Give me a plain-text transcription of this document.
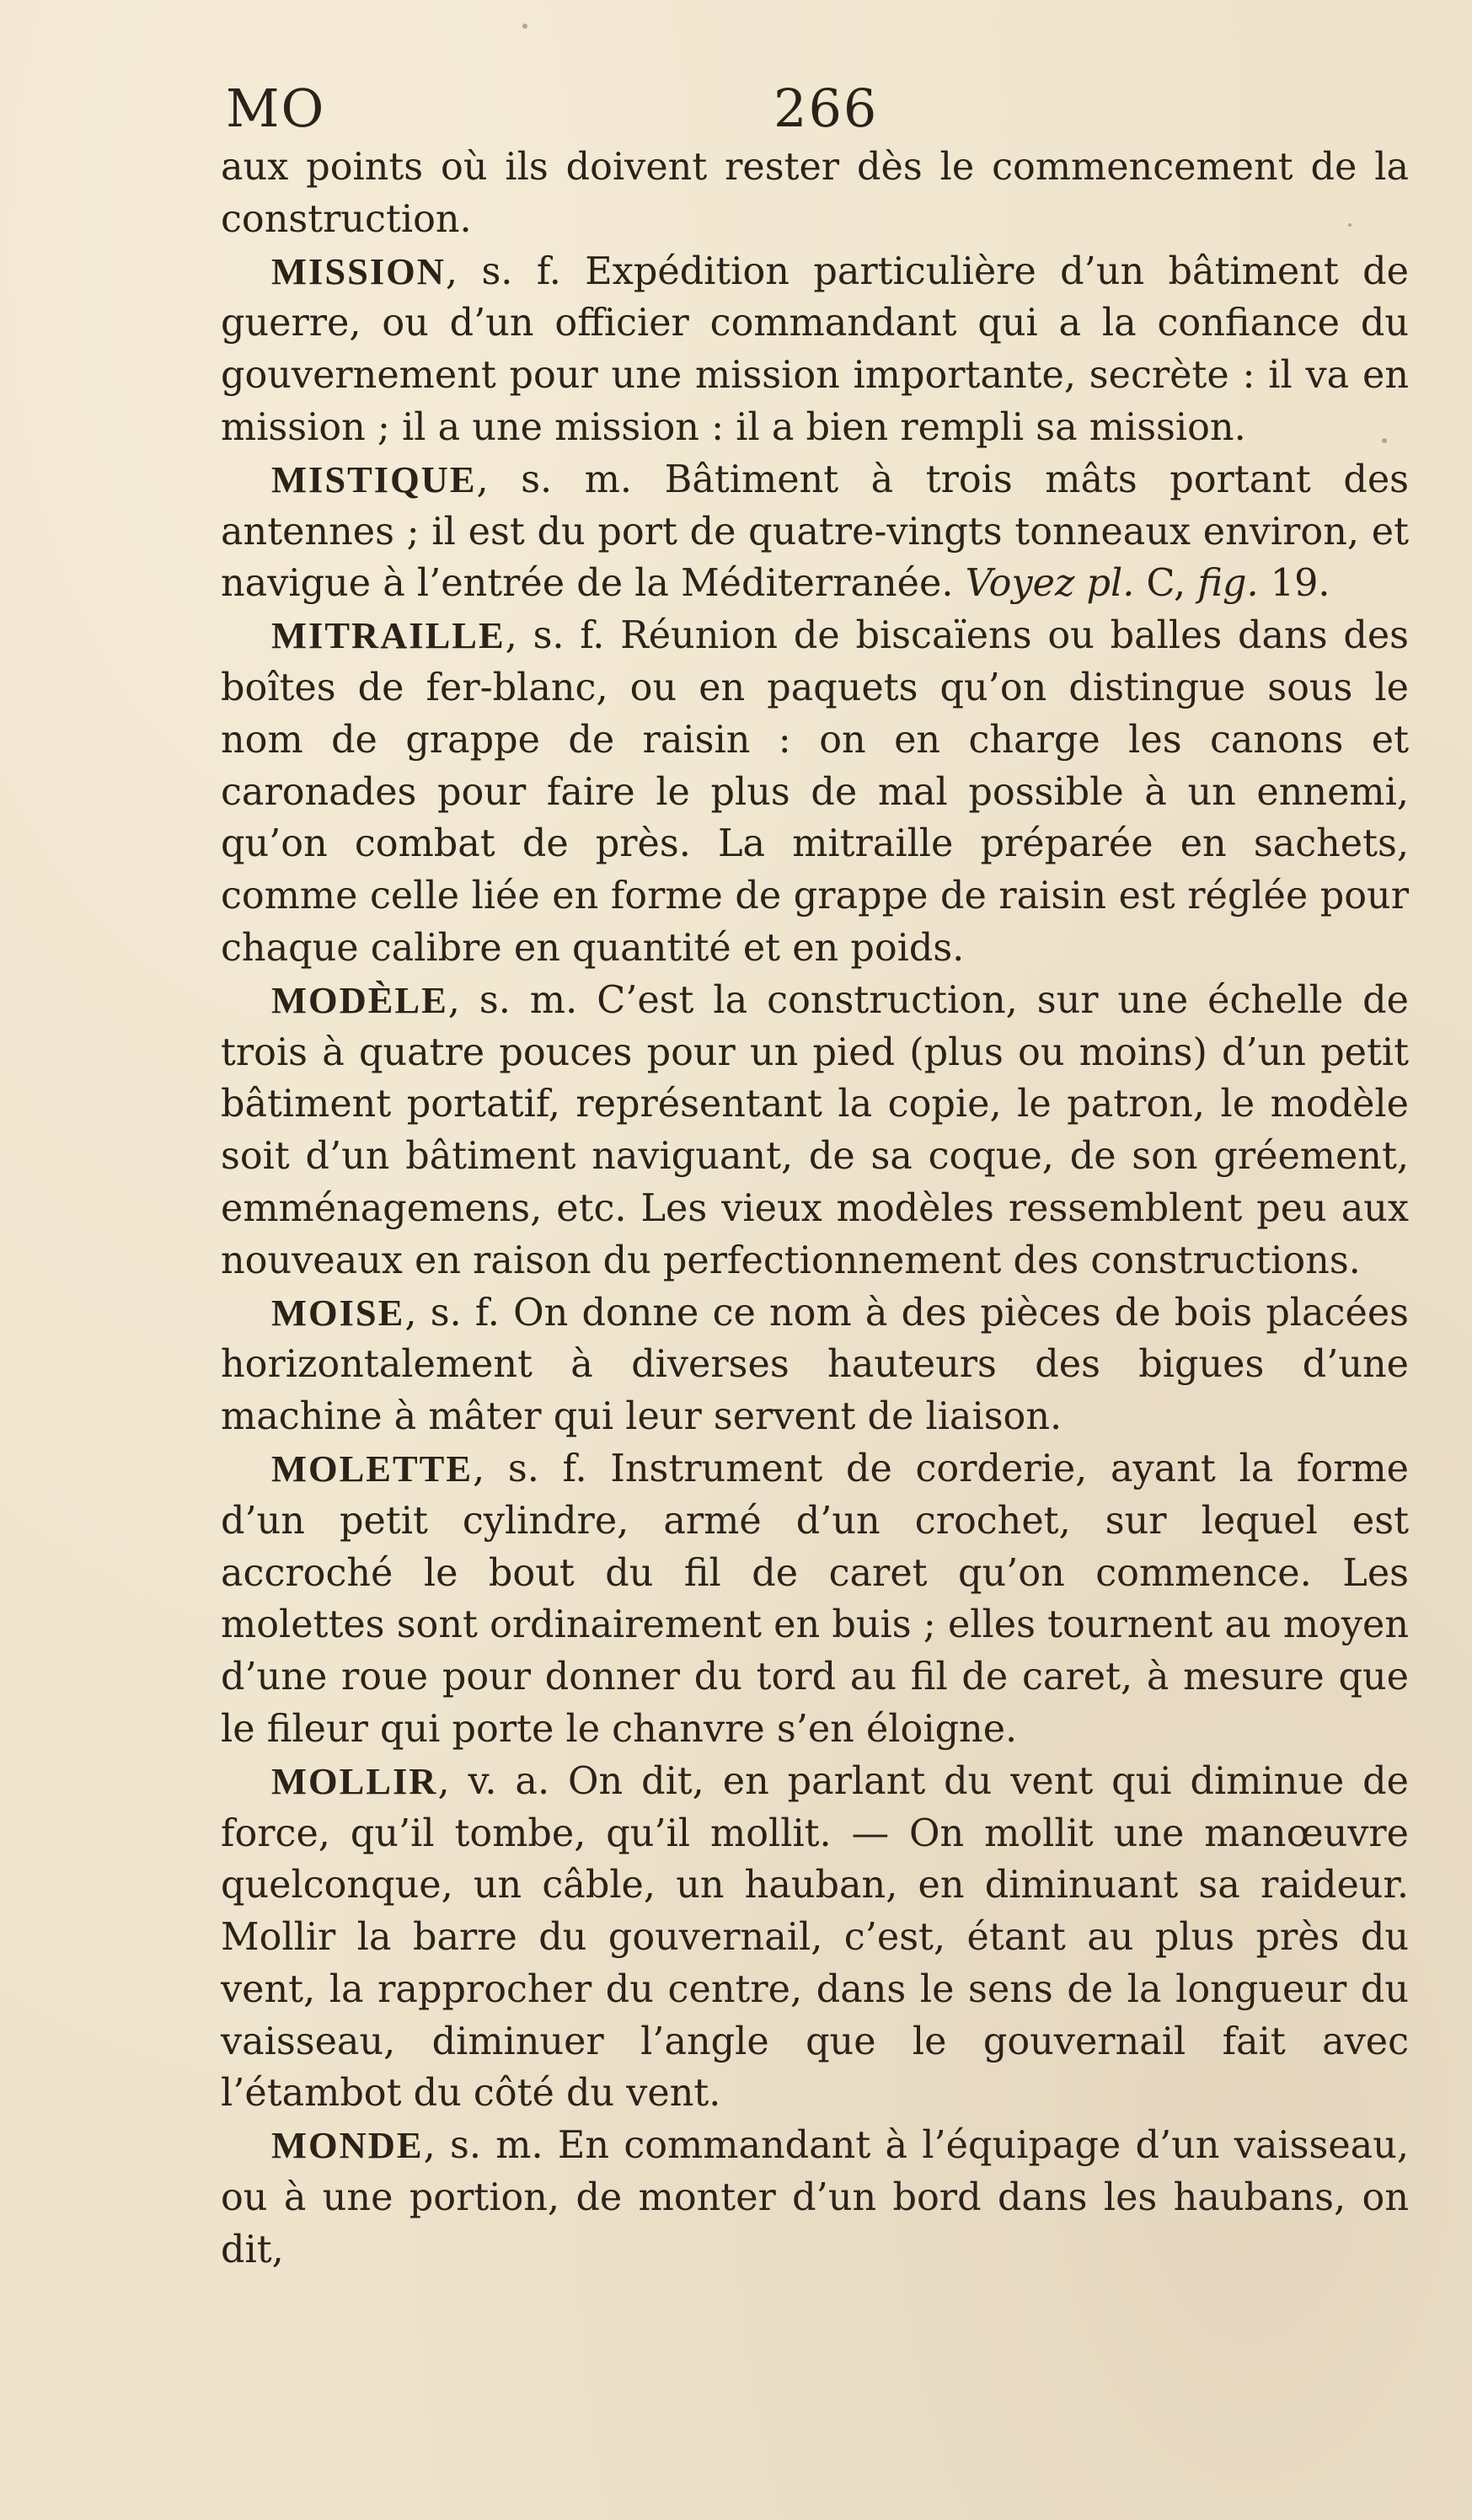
MO	266

aux points où ils doivent rester dès le commencement de la construction.

MISSION, s. f. Expédition particulière d’un bâtiment de guerre, ou d’un officier commandant qui a la confiance du gouvernement pour une mission importante, secrète : il va en mission ; il a une mission : il a bien rempli sa mission.

MISTIQUE, s. m. Bâtiment à trois mâts portant des antennes ; il est du port de quatre-vingts tonneaux environ, et navigue à l’entrée de la Méditerranée. Voyez pl. C, fig. 19.

MITRAILLE, s. f. Réunion de biscaïens ou balles dans des boîtes de fer-blanc, ou en paquets qu’on distingue sous le nom de grappe de raisin : on en charge les canons et caronades pour faire le plus de mal possible à un ennemi, qu’on combat de près. La mitraille préparée en sachets, comme celle liée en forme de grappe de raisin est réglée pour chaque calibre en quantité et en poids.

MODÈLE, s. m. C’est la construction, sur une échelle de trois à quatre pouces pour un pied (plus ou moins) d’un petit bâtiment portatif, représentant la copie, le patron, le modèle soit d’un bâtiment naviguant, de sa coque, de son gréement, emménagemens, etc. Les vieux modèles ressemblent peu aux nouveaux en raison du perfectionnement des constructions.

MOISE, s. f. On donne ce nom à des pièces de bois placées horizontalement à diverses hauteurs des bigues d’une machine à mâter qui leur servent de liaison.

MOLETTE, s. f. Instrument de corderie, ayant la forme d’un petit cylindre, armé d’un crochet, sur lequel est accroché le bout du fil de caret qu’on commence. Les molettes sont ordinairement en buis ; elles tournent au moyen d’une roue pour donner du tord au fil de caret, à mesure que le fileur qui porte le chanvre s’en éloigne.

MOLLIR, v. a. On dit, en parlant du vent qui diminue de force, qu’il tombe, qu’il mollit. — On mollit une manœuvre quelconque, un câble, un hauban, en diminuant sa raideur. Mollir la barre du gouvernail, c’est, étant au plus près du vent, la rapprocher du centre, dans le sens de la longueur du vaisseau, diminuer l’angle que le gouvernail fait avec l’étambot du côté du vent.

MONDE, s. m. En commandant à l’équipage d’un vaisseau, ou à une portion, de monter d’un bord dans les haubans, on dit,
